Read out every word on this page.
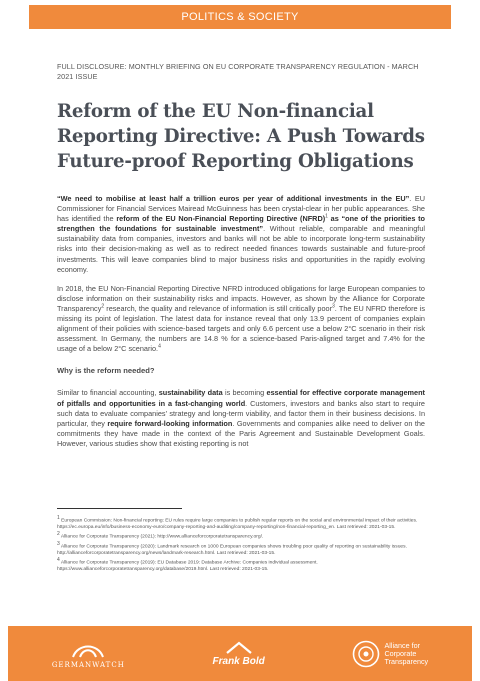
POLITICS & SOCIETY
FULL DISCLOSURE: MONTHLY BRIEFING ON EU CORPORATE TRANSPARENCY REGULATION - MARCH 2021 ISSUE
Reform of the EU Non-financial Reporting Directive: A Push Towards Future-proof Reporting Obligations

“We need to mobilise at least half a trillion euros per year of additional investments in the EU”. EU Commissioner for Financial Services Mairead McGuinness has been crystal-clear in her public appearances. She has identified the reform of the EU Non-Financial Reporting Directive (NFRD)$^1$ as “one of the priorities to strengthen the foundations for sustainable investment”. Without reliable, comparable and meaningful sustainability data from companies, investors and banks will not be able to incorporate long-term sustainability risks into their decision-making as well as to redirect needed finances towards sustainable and future-proof investments. This will leave companies blind to major business risks and opportunities in the rapidly evolving economy.

In 2018, the EU Non-Financial Reporting Directive NFRD introduced obligations for large European companies to disclose information on their sustainability risks and impacts. However, as shown by the Alliance for Corporate Transparency$^2$ research, the quality and relevance of information is still critically poor$^3$. The EU NFRD therefore is missing its point of legislation. The latest data for instance reveal that only 13.9 percent of companies explain alignment of their policies with science-based targets and only 6.6 percent use a below 2°C scenario in their risk assessment. In Germany, the numbers are 14.8 % for a science-based Paris-aligned target and 7.4% for the usage of a below 2°C scenario.$^4$

Why is the reform needed?

Similar to financial accounting, sustainability data is becoming essential for effective corporate management of pitfalls and opportunities in a fast-changing world. Customers, investors and banks also start to require such data to evaluate companies’ strategy and long-term viability, and factor them in their business decisions. In particular, they require forward-looking information. Governments and companies alike need to deliver on the commitments they have made in the context of the Paris Agreement and Sustainable Development Goals. However, various studies show that existing reporting is not

$^1$ European Commission: Non-financial reporting: EU rules require large companies to publish regular reports on the social and environmental impact of their activities. https://ec.europa.eu/info/business-economy-euro/company-reporting-and-auditing/company-reporting/non-financial-reporting_en. Last retrieved: 2021-03-15.
$^2$ Alliance for Corporate Transparency (2021): http://www.allianceforcorporatetransparency.org/.
$^3$ Alliance for Corporate Transparency (2020): Landmark research on 1000 European companies shows troubling poor quality of reporting on sustainability issues. http://allianceforcorporatetransparency.org/news/landmark-research.html. Last retrieved: 2021-03-15.
$^4$ Alliance for Corporate Transparency (2019): EU Database 2019: Database Archive: Companies individual assessment. https://www.allianceforcorporatetransparency.org/database/2019.html. Last retrieved: 2021-03-15.
GERMANWATCH	Frank Bold
Alliance for
Corporate
Transparency
